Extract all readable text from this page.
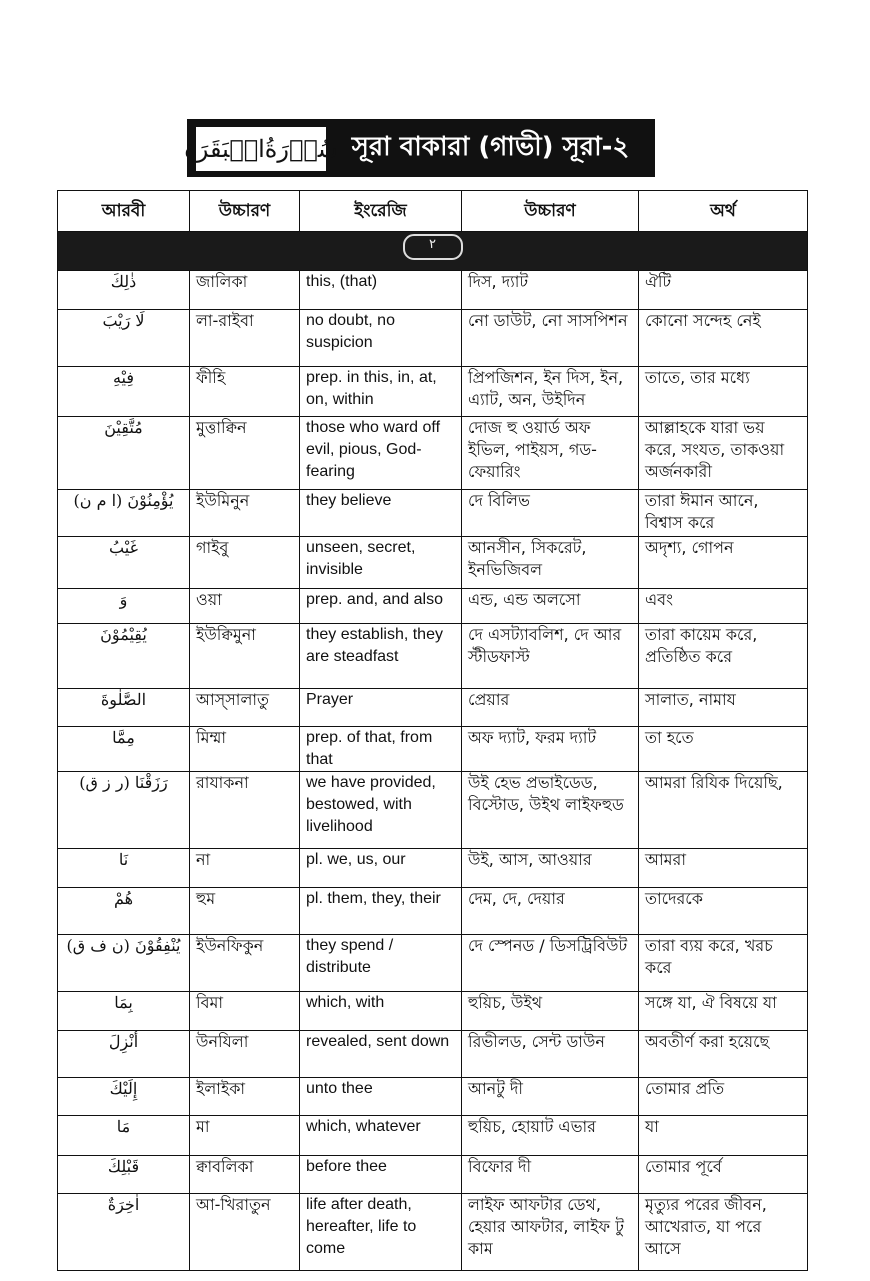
سُوۡرَةُالۡبَقَرَة সূরা বাকারা (গাভী) সূরা-২
আরবী	উচ্চারণ	ইংরেজি	উচ্চারণ	অর্থ
٢				
ذٰلِكَ	জালিকা	this, (that)	দিস, দ্যাট	ঐটি
لَا رَيْبَ	লা-রাইবা	no doubt, no suspicion	নো ডাউট, নো সাসপিশন	কোনো সন্দেহ নেই
فِيْهِ	ফীহি	prep. in this, in, at, on, within	প্রিপজিশন, ইন দিস, ইন, এ্যাট, অন, উইদিন	তাতে, তার মধ্যে
مُتَّقِيْنَ	মুত্তাক্বিন	those who ward off evil, pious, God-fearing	দোজ হু ওয়ার্ড অফ ইভিল, পাইয়স, গড-ফেয়ারিং	আল্লাহকে যারা ভয় করে, সংযত, তাকওয়া অর্জনকারী
يُؤْمِنُوْنَ (ا م ن)	ইউমিনুন	they believe	দে বিলিভ	তারা ঈমান আনে, বিশ্বাস করে
غَيْبُ	গাইবু	unseen, secret, invisible	আনসীন, সিকরেট, ইনভিজিবল	অদৃশ্য, গোপন
وَ	ওয়া	prep. and, and also	এন্ড, এন্ড অলসো	এবং
يُقِيْمُوْنَ	ইউক্বিমুনা	they establish, they are steadfast	দে এসট্যাবলিশ, দে আর স্টীডফাস্ট	তারা কায়েম করে, প্রতিষ্ঠিত করে
الصَّلٰوةَ	আস্‌সালাতু	Prayer	প্রেয়ার	সালাত, নামায
مِمَّا	মিম্মা	prep. of that, from that	অফ দ্যাট, ফরম দ্যাট	তা হতে
رَزَقْنَا (ر ز ق)	রাযাকনা	we have provided, bestowed, with livelihood	উই হেভ প্রভাইডেড, বিস্টোড, উইথ লাইফহুড	আমরা রিযিক দিয়েছি,
نَا	না	pl. we, us, our	উই, আস, আওয়ার	আমরা
هُمْ	হুম	pl. them, they, their	দেম, দে, দেয়ার	তাদেরকে
يُنْفِقُوْنَ (ن ف ق)	ইউনফিকুন	they spend / distribute	দে স্পেনড / ডিসট্রিবিউট	তারা ব্যয় করে, খরচ করে
بِمَا	বিমা	which, with	হুয়িচ, উইথ	সঙ্গে যা, ঐ বিষয়ে যা
أُنْزِلَ	উনযিলা	revealed, sent down	রিভীলড, সেন্ট ডাউন	অবতীর্ণ করা হয়েছে
إِلَيْكَ	ইলাইকা	unto thee	আনটু দী	তোমার প্রতি
مَا	মা	which, whatever	হুয়িচ, হোয়াট এভার	যা
قَبْلِكَ	ক্বাবলিকা	before thee	বিফোর দী	তোমার পূর্বে
اٰخِرَةٌ	আ-খিরাতুন	life after death, hereafter, life to come	লাইফ আফটার ডেথ, হেয়ার আফটার, লাইফ টু কাম	মৃত্যুর পরের জীবন, আখেরাত, যা পরে আসে
